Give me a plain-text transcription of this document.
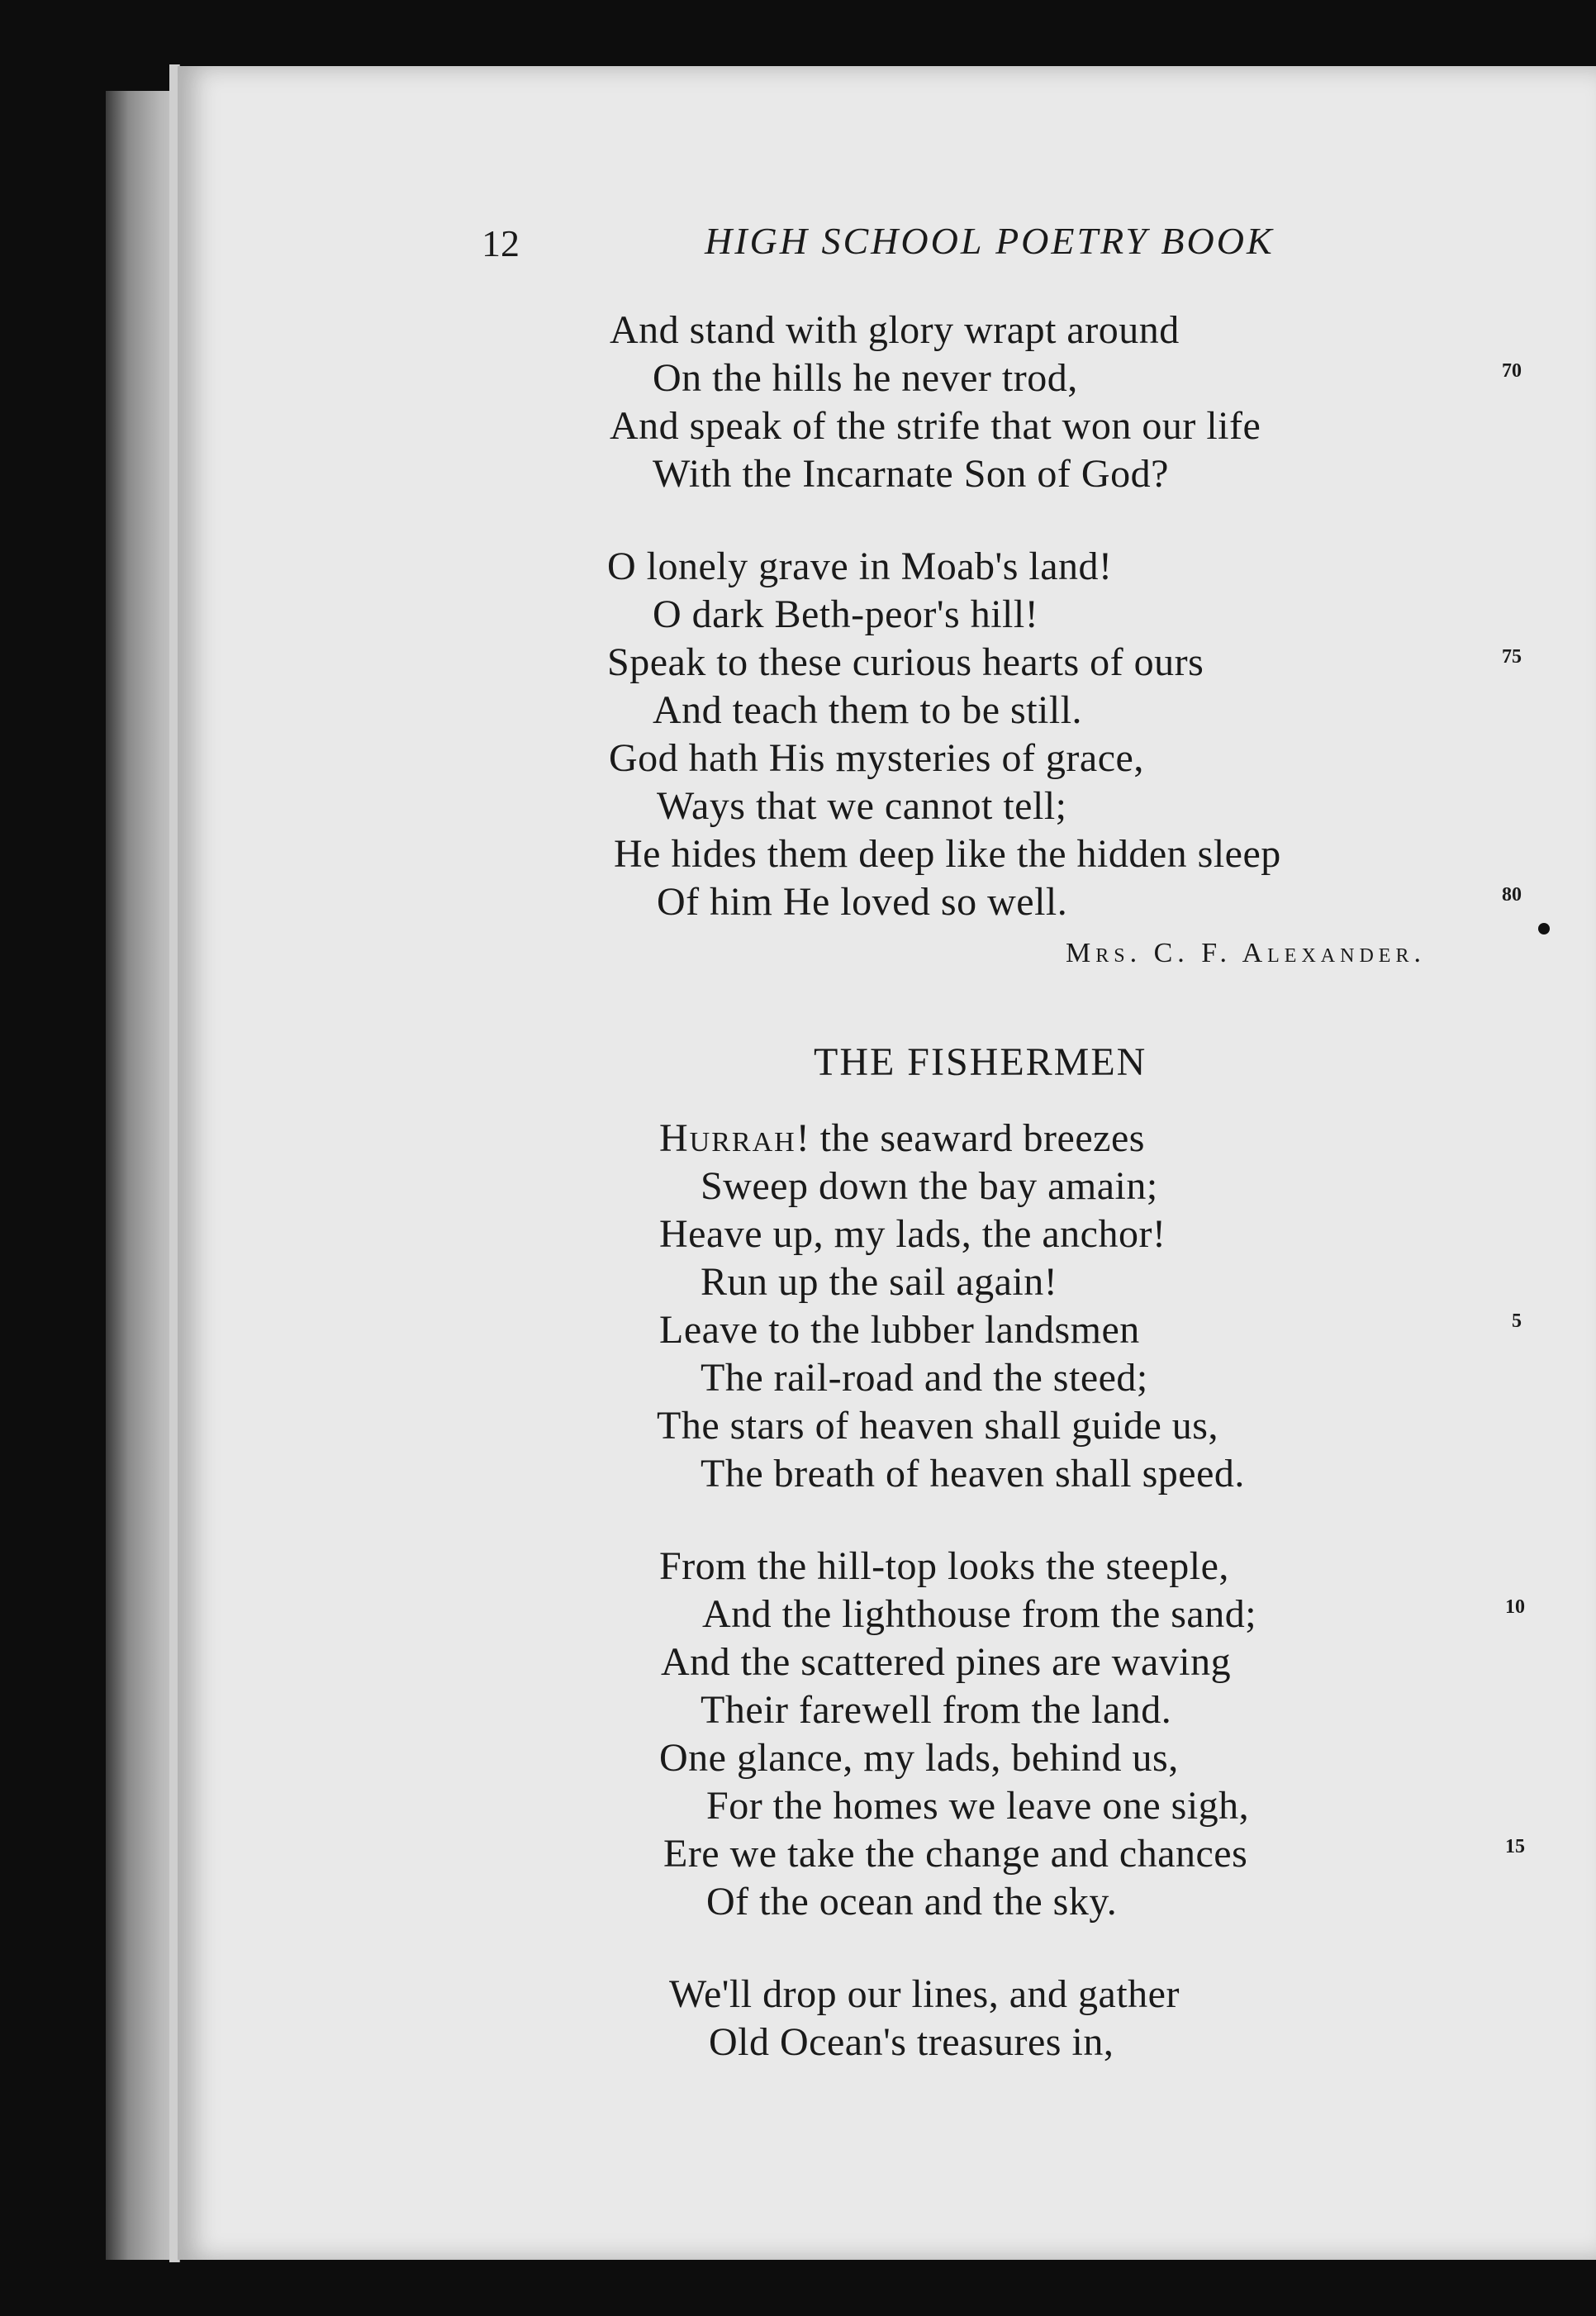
12	HIGH SCHOOL POETRY BOOK
And stand with glory wrapt around
On the hills he never trod,
And speak of the strife that won our life
With the Incarnate Son of God?
O lonely grave in Moab's land!
O dark Beth-peor's hill!
Speak to these curious hearts of ours
And teach them to be still.
God hath His mysteries of grace,
Ways that we cannot tell;
He hides them deep like the hidden sleep
Of him He loved so well.
70
75
80
Mrs. C. F. Alexander.
THE FISHERMEN
Hurrah! the seaward breezes
Sweep down the bay amain;
Heave up, my lads, the anchor!
Run up the sail again!
Leave to the lubber landsmen
The rail-road and the steed;
The stars of heaven shall guide us,
The breath of heaven shall speed.
From the hill-top looks the steeple,
And the lighthouse from the sand;
And the scattered pines are waving
Their farewell from the land.
One glance, my lads, behind us,
For the homes we leave one sigh,
Ere we take the change and chances
Of the ocean and the sky.
We'll drop our lines, and gather
Old Ocean's treasures in,
5
10
15
